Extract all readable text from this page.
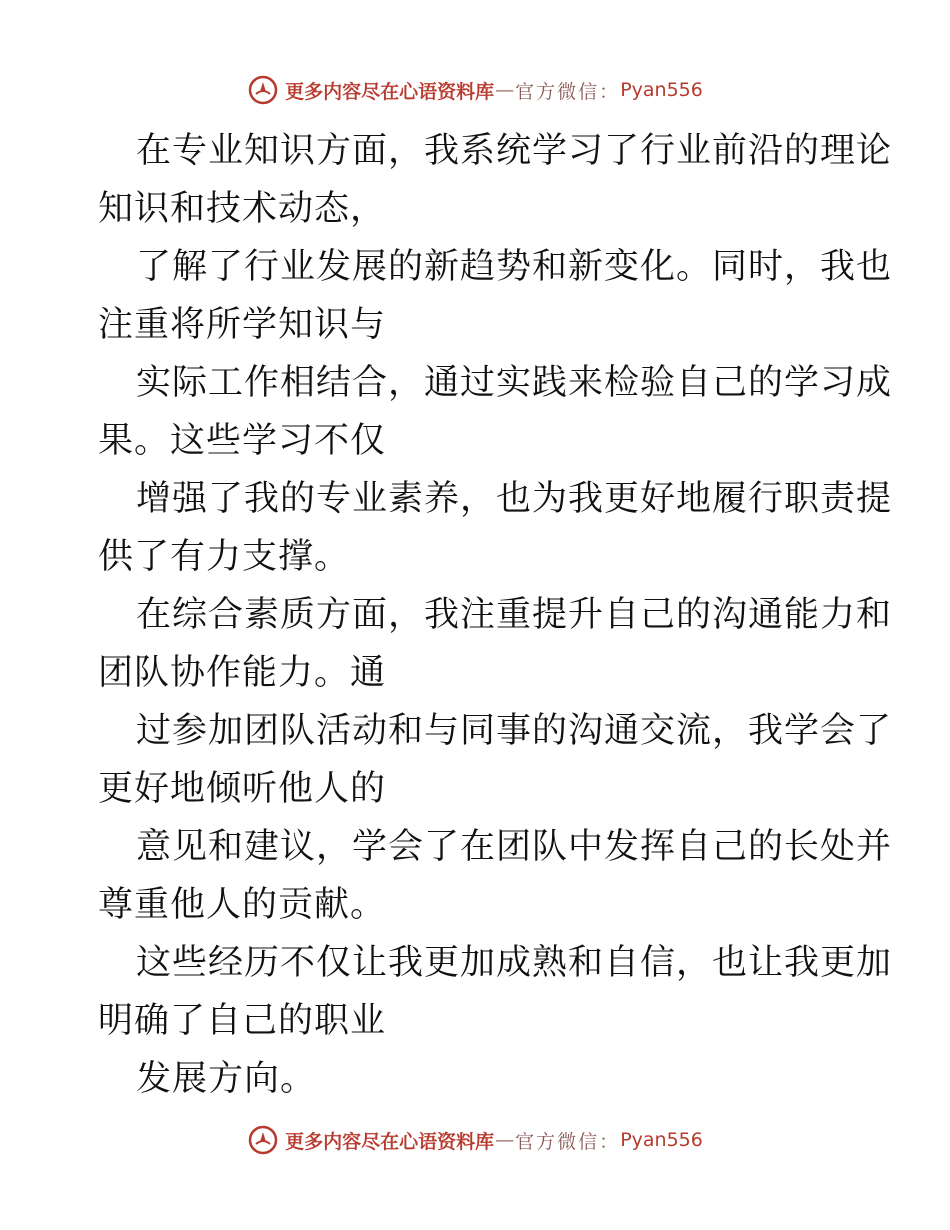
更多内容尽在心语资料库 — 官方微信： Pyan556

在专业知识方面，我系统学习了行业前沿的理论
知识和技术动态，

了解了行业发展的新趋势和新变化。同时，我也
注重将所学知识与

实际工作相结合，通过实践来检验自己的学习成
果。这些学习不仅

增强了我的专业素养，也为我更好地履行职责提
供了有力支撑。

在综合素质方面，我注重提升自己的沟通能力和
团队协作能力。通

过参加团队活动和与同事的沟通交流，我学会了
更好地倾听他人的

意见和建议，学会了在团队中发挥自己的长处并
尊重他人的贡献。

这些经历不仅让我更加成熟和自信，也让我更加
明确了自己的职业

发展方向。

更多内容尽在心语资料库 — 官方微信： Pyan556
